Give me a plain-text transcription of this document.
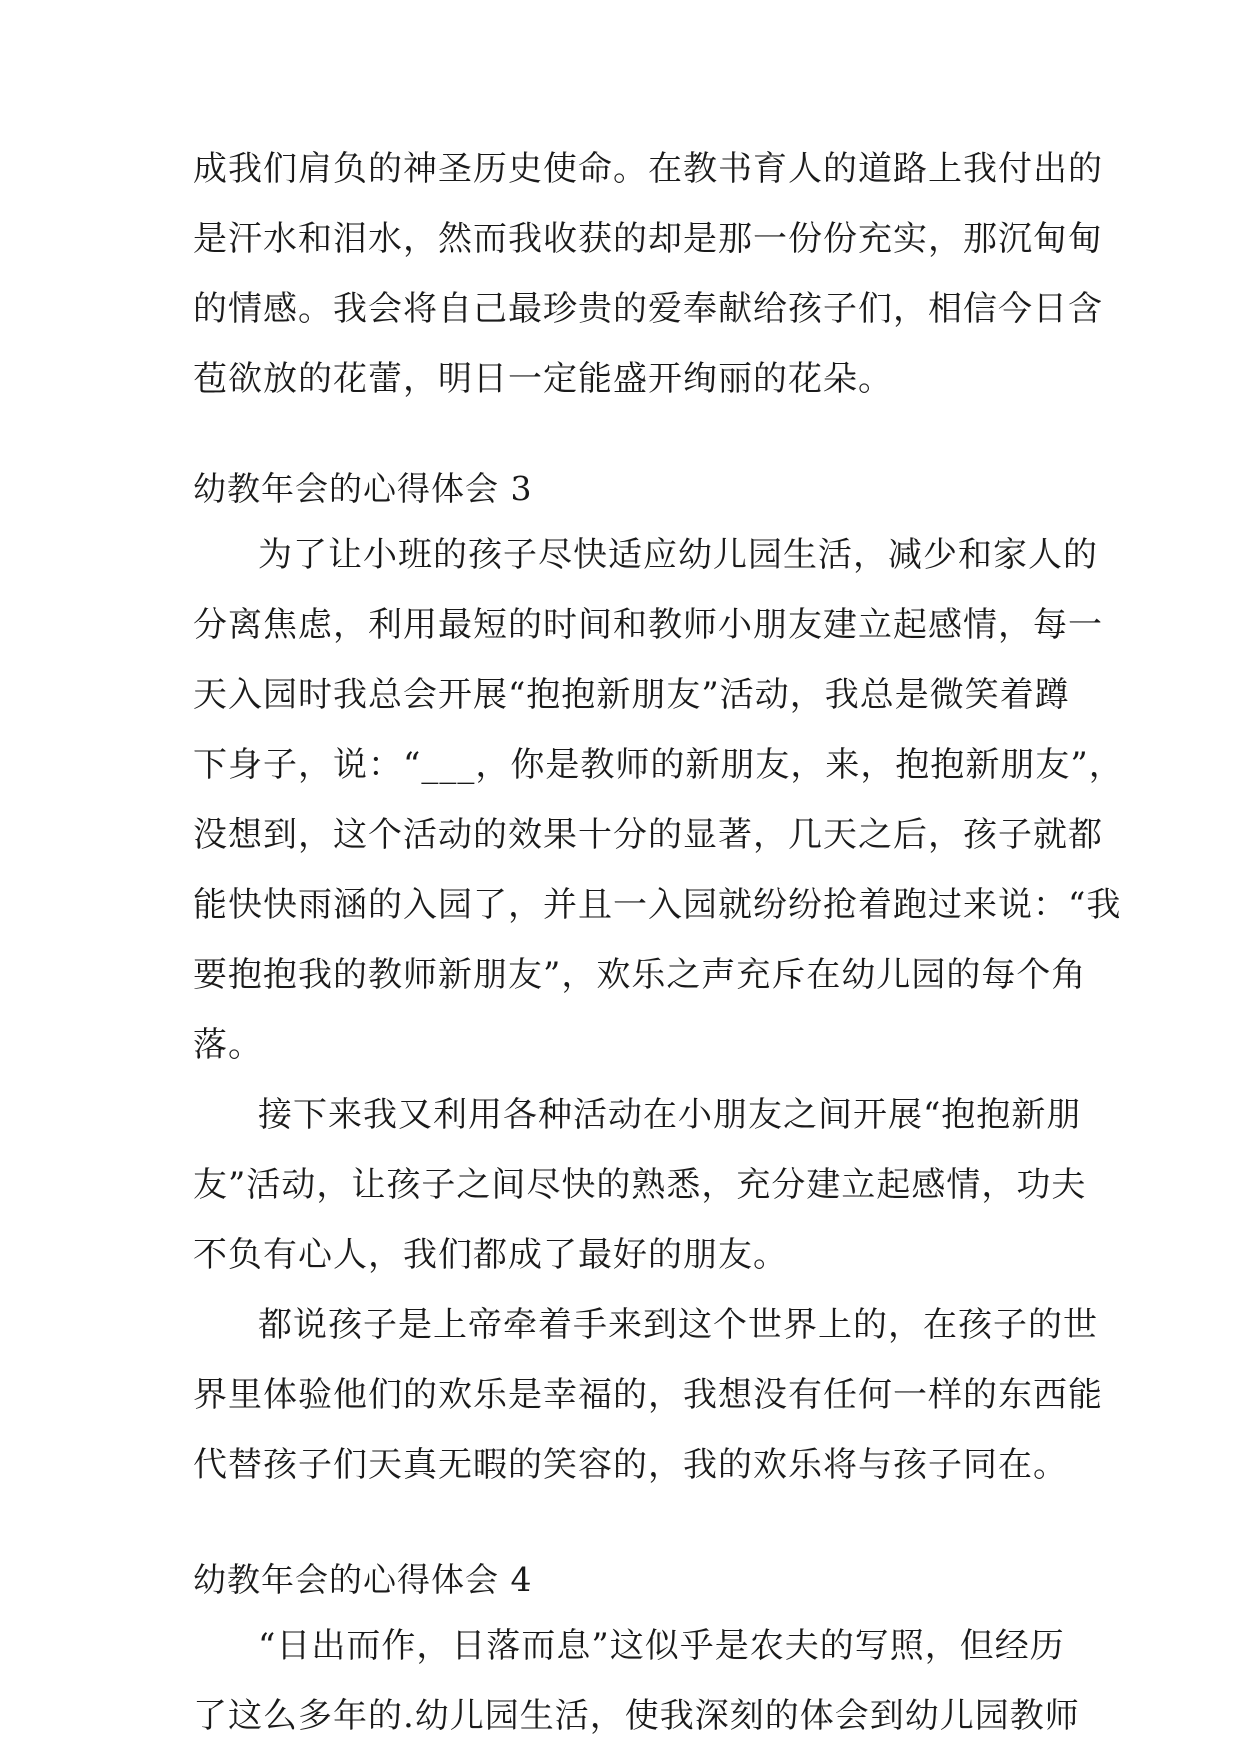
成我们肩负的神圣历史使命。在教书育人的道路上我付出的
是汗水和泪水，然而我收获的却是那一份份充实，那沉甸甸
的情感。我会将自己最珍贵的爱奉献给孩子们，相信今日含
苞欲放的花蕾，明日一定能盛开绚丽的花朵。
幼教年会的心得体会 3
为了让小班的孩子尽快适应幼儿园生活，减少和家人的
分离焦虑，利用最短的时间和教师小朋友建立起感情，每一
天入园时我总会开展“抱抱新朋友”活动，我总是微笑着蹲
下身子，说：“___，你是教师的新朋友，来，抱抱新朋友”，
没想到，这个活动的效果十分的显著，几天之后，孩子就都
能快快雨涵的入园了，并且一入园就纷纷抢着跑过来说：“我
要抱抱我的教师新朋友”，欢乐之声充斥在幼儿园的每个角
落。
接下来我又利用各种活动在小朋友之间开展“抱抱新朋
友”活动，让孩子之间尽快的熟悉，充分建立起感情，功夫
不负有心人，我们都成了最好的朋友。
都说孩子是上帝牵着手来到这个世界上的，在孩子的世
界里体验他们的欢乐是幸福的，我想没有任何一样的东西能
代替孩子们天真无暇的笑容的，我的欢乐将与孩子同在。
幼教年会的心得体会 4
“日出而作，日落而息”这似乎是农夫的写照，但经历
了这么多年的.幼儿园生活，使我深刻的体会到幼儿园教师
